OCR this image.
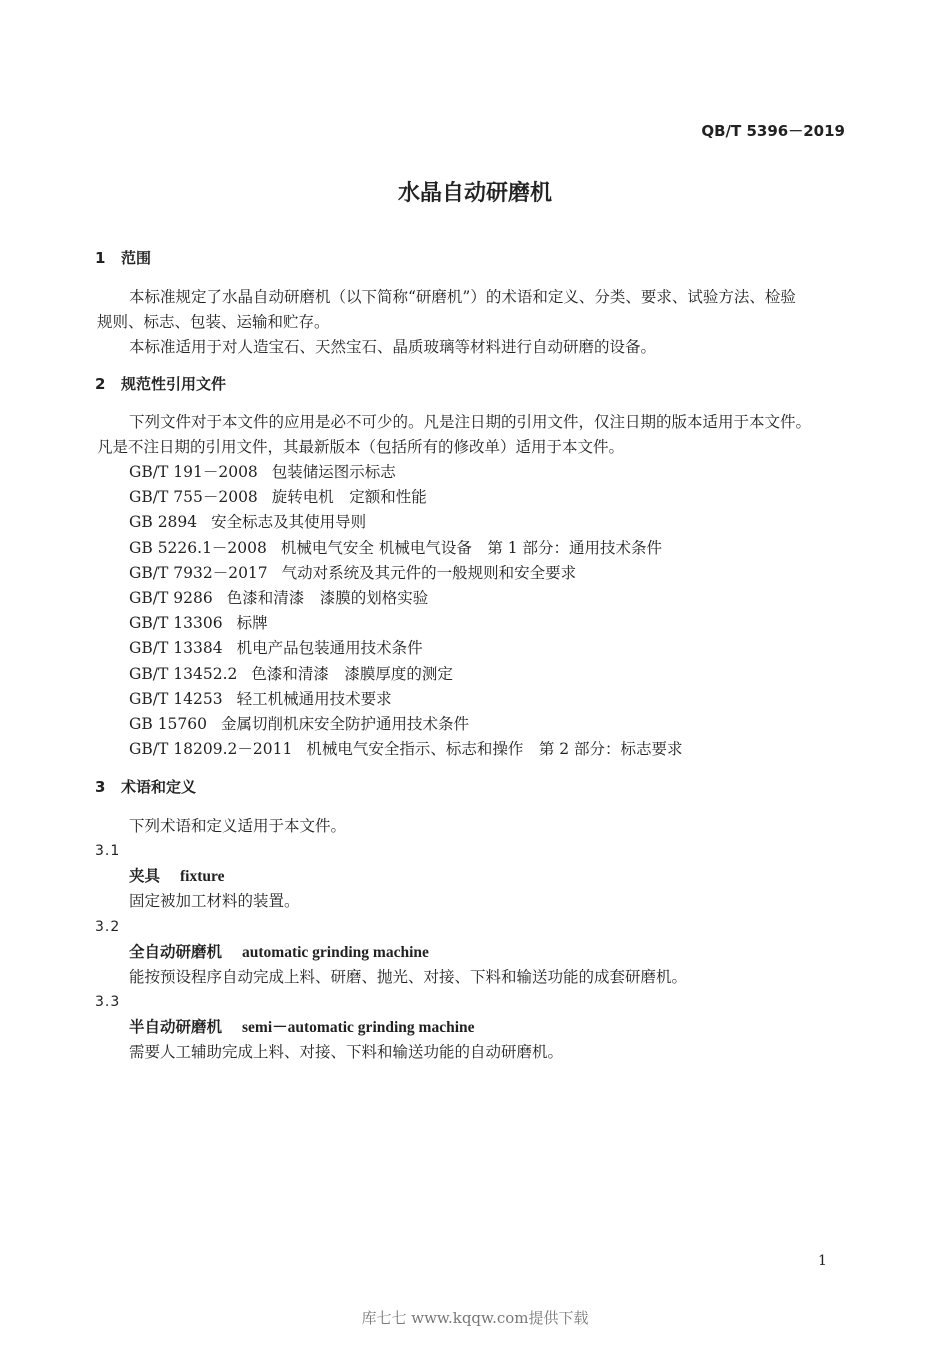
QB/T 5396－2019
水晶自动研磨机
1 范围
本标准规定了水晶自动研磨机（以下简称“研磨机”）的术语和定义、分类、要求、试验方法、检验
规则、标志、包装、运输和贮存。
本标准适用于对人造宝石、天然宝石、晶质玻璃等材料进行自动研磨的设备。
2 规范性引用文件
下列文件对于本文件的应用是必不可少的。凡是注日期的引用文件，仅注日期的版本适用于本文件。
凡是不注日期的引用文件，其最新版本（包括所有的修改单）适用于本文件。
GB/T 191－2008 包装储运图示标志
GB/T 755－2008 旋转电机　定额和性能
GB 2894 安全标志及其使用导则
GB 5226.1－2008 机械电气安全 机械电气设备　第 1 部分：通用技术条件
GB/T 7932－2017 气动对系统及其元件的一般规则和安全要求
GB/T 9286 色漆和清漆　漆膜的划格实验
GB/T 13306 标牌
GB/T 13384 机电产品包装通用技术条件
GB/T 13452.2 色漆和清漆　漆膜厚度的测定
GB/T 14253 轻工机械通用技术要求
GB 15760 金属切削机床安全防护通用技术条件
GB/T 18209.2－2011 机械电气安全指示、标志和操作　第 2 部分：标志要求
3 术语和定义
下列术语和定义适用于本文件。
3.1
夹具 fixture
固定被加工材料的装置。
3.2
全自动研磨机 automatic grinding machine
能按预设程序自动完成上料、研磨、抛光、对接、下料和输送功能的成套研磨机。
3.3
半自动研磨机 semi－automatic grinding machine
需要人工辅助完成上料、对接、下料和输送功能的自动研磨机。
1
库七七 www.kqqw.com提供下载
